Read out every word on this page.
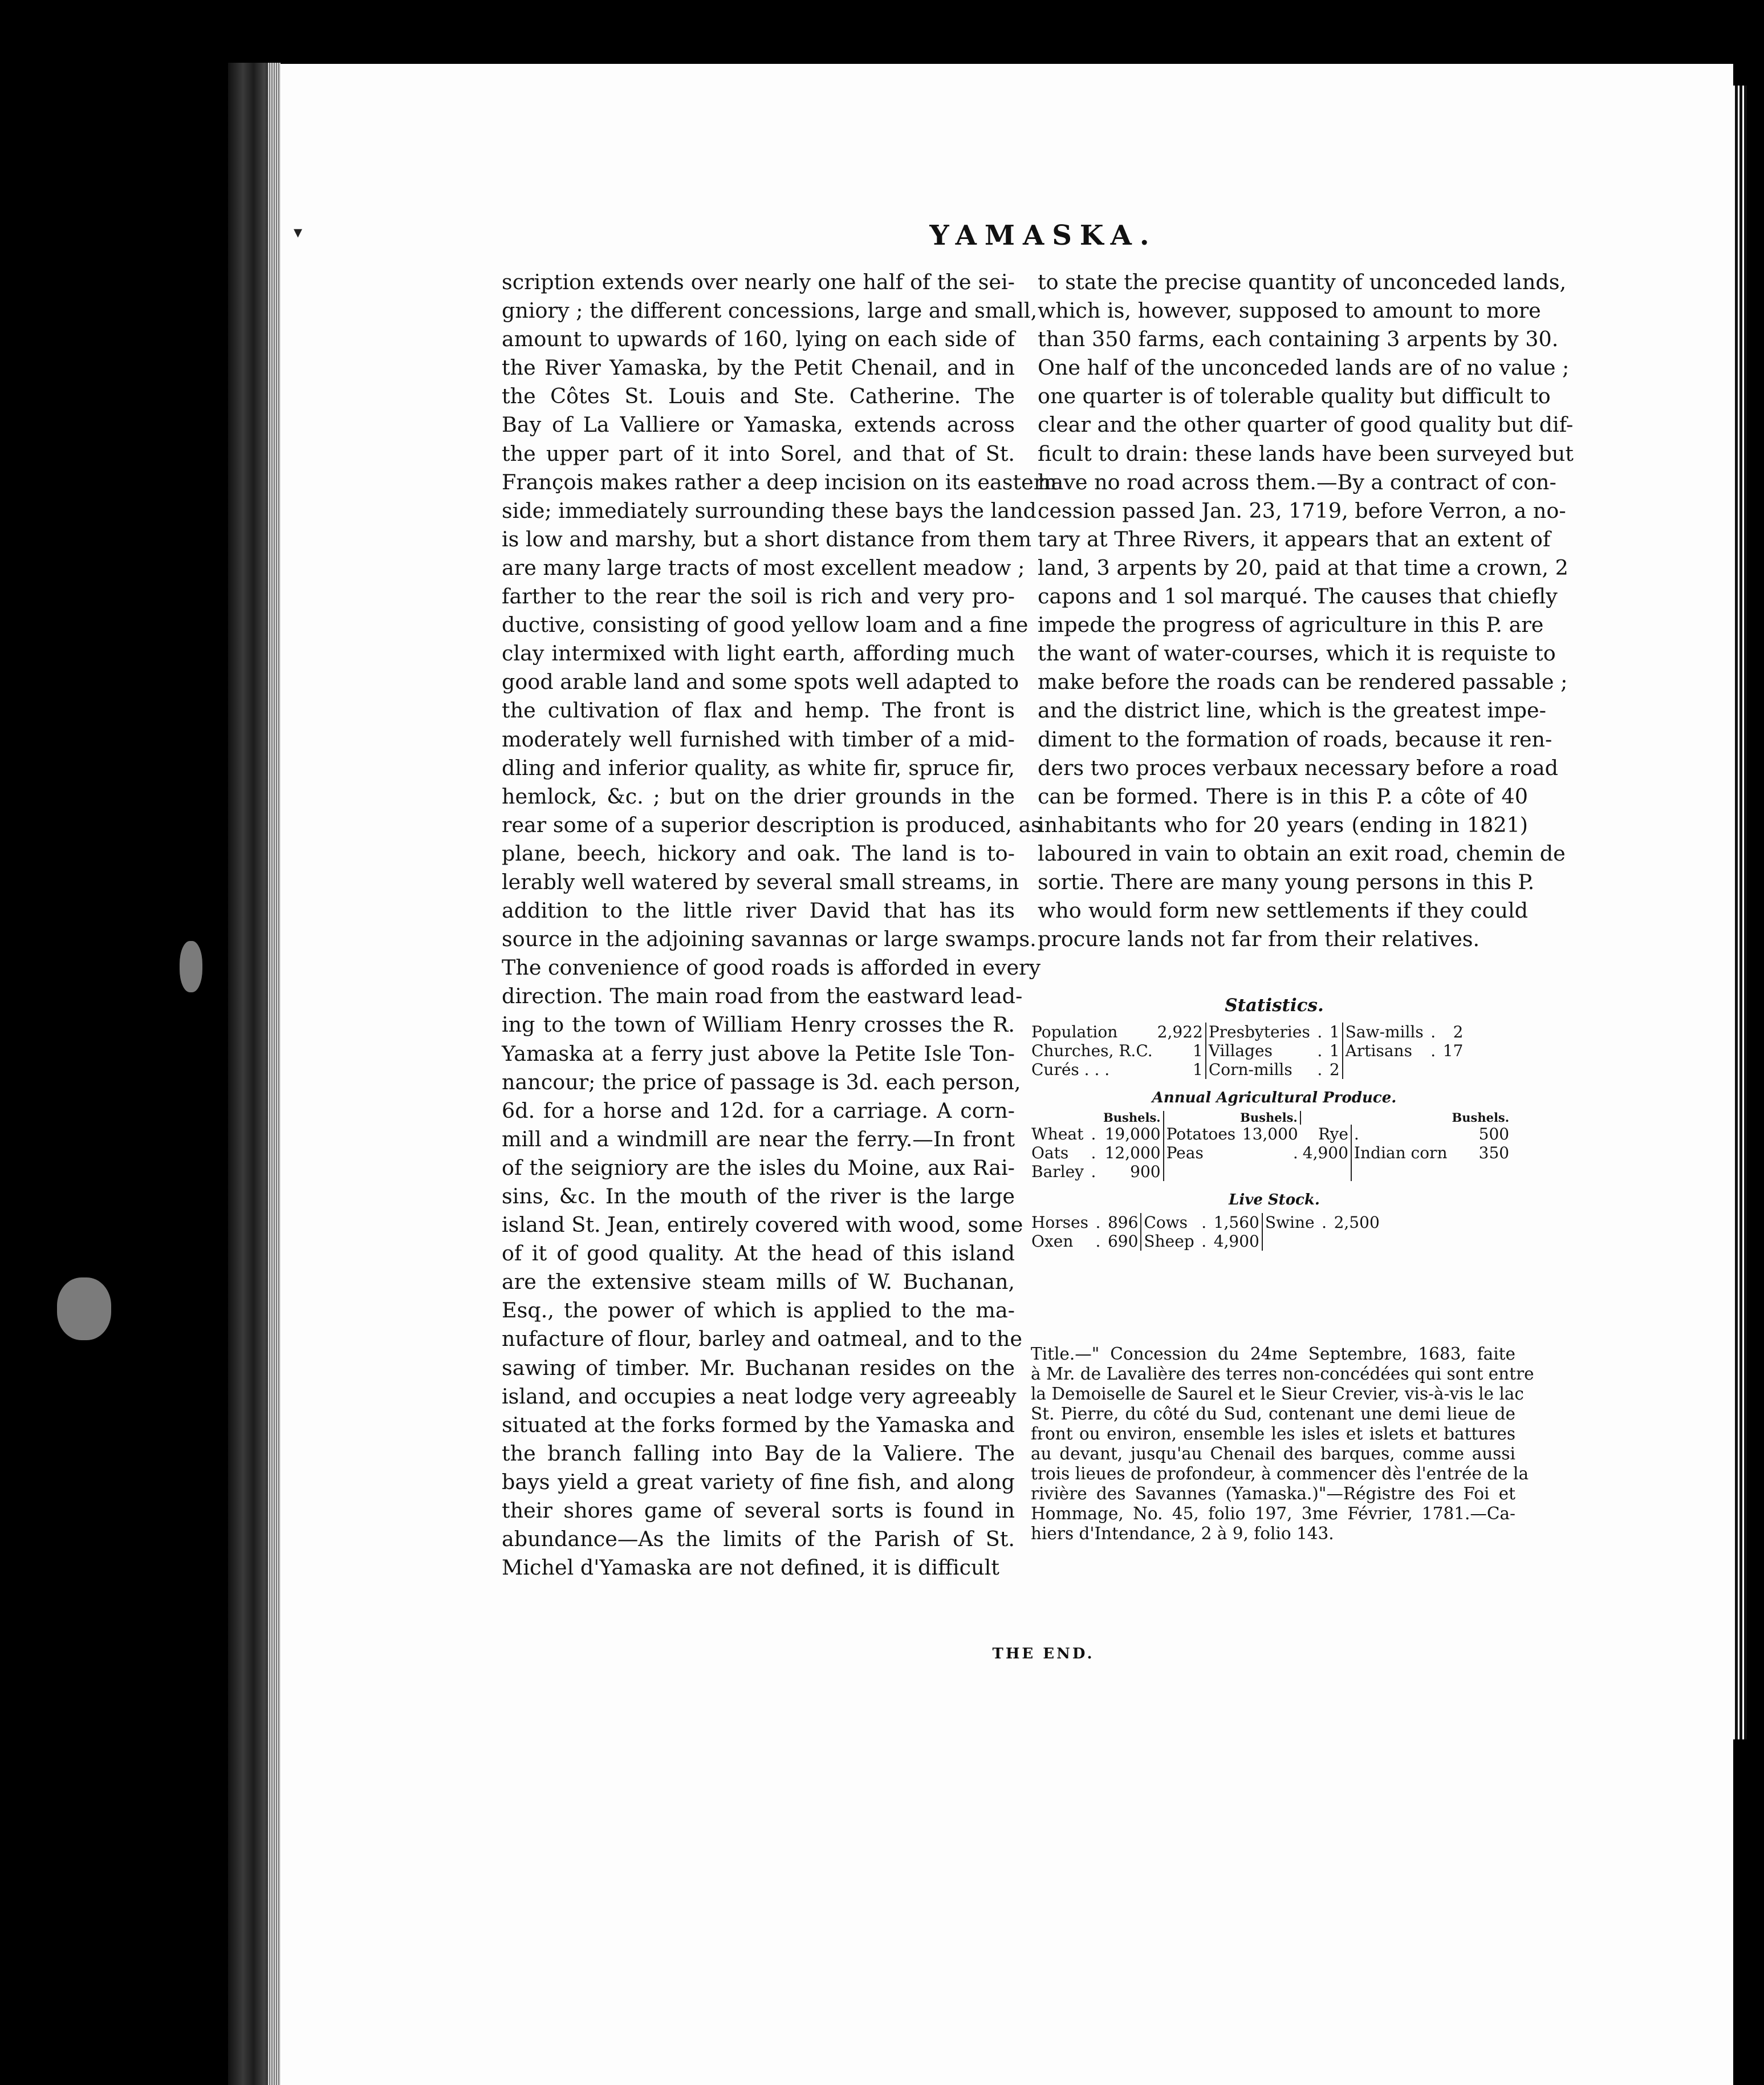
▾	YAMASKA.
scription extends over nearly one half of the sei-
gniory ; the different concessions, large and small,
amount to upwards of 160, lying on each side of
the River Yamaska, by the Petit Chenail, and in
the Côtes St. Louis and Ste. Catherine. The
Bay of La Valliere or Yamaska, extends across
the upper part of it into Sorel, and that of St.
François makes rather a deep incision on its eastern
side; immediately surrounding these bays the land
is low and marshy, but a short distance from them
are many large tracts of most excellent meadow ;
farther to the rear the soil is rich and very pro-
ductive, consisting of good yellow loam and a fine
clay intermixed with light earth, affording much
good arable land and some spots well adapted to
the cultivation of flax and hemp. The front is
moderately well furnished with timber of a mid-
dling and inferior quality, as white fir, spruce fir,
hemlock, &c. ; but on the drier grounds in the
rear some of a superior description is produced, as
plane, beech, hickory and oak. The land is to-
lerably well watered by several small streams, in
addition to the little river David that has its
source in the adjoining savannas or large swamps.
The convenience of good roads is afforded in every
direction. The main road from the eastward lead-
ing to the town of William Henry crosses the R.
Yamaska at a ferry just above la Petite Isle Ton-
nancour; the price of passage is 3d. each person,
6d. for a horse and 12d. for a carriage. A corn-
mill and a windmill are near the ferry.—In front
of the seigniory are the isles du Moine, aux Rai-
sins, &c. In the mouth of the river is the large
island St. Jean, entirely covered with wood, some
of it of good quality. At the head of this island
are the extensive steam mills of W. Buchanan,
Esq., the power of which is applied to the ma-
nufacture of flour, barley and oatmeal, and to the
sawing of timber. Mr. Buchanan resides on the
island, and occupies a neat lodge very agreeably
situated at the forks formed by the Yamaska and
the branch falling into Bay de la Valiere. The
bays yield a great variety of fine fish, and along
their shores game of several sorts is found in
abundance—As the limits of the Parish of St.
Michel d'Yamaska are not defined, it is difficult
to state the precise quantity of unconceded lands,
which is, however, supposed to amount to more
than 350 farms, each containing 3 arpents by 30.
One half of the unconceded lands are of no value ;
one quarter is of tolerable quality but difficult to
clear and the other quarter of good quality but dif-
ficult to drain: these lands have been surveyed but
have no road across them.—By a contract of con-
cession passed Jan. 23, 1719, before Verron, a no-
tary at Three Rivers, it appears that an extent of
land, 3 arpents by 20, paid at that time a crown, 2
capons and 1 sol marqué. The causes that chiefly
impede the progress of agriculture in this P. are
the want of water-courses, which it is requiste to
make before the roads can be rendered passable ;
and the district line, which is the greatest impe-
diment to the formation of roads, because it ren-
ders two proces verbaux necessary before a road
can be formed. There is in this P. a côte of 40
inhabitants who for 20 years (ending in 1821)
laboured in vain to obtain an exit road, chemin de
sortie. There are many young persons in this P.
who would form new settlements if they could
procure lands not far from their relatives.
Statistics.
Population	2,922	Presbyteries	.	1	Saw-mills	.	2
Churches, R.C.	1	Villages	.	1	Artisans	.	17
Curés . . .	1	Corn-mills	.	2			
Annual Agricultural Produce.
		Bushels.		Bushels.			Bushels.
Wheat	.	19,000	Potatoes	13,000	Rye	.	500
Oats	.	12,000	Peas	.	4,900	Indian corn	350
Barley	.	900					
Live Stock.
Horses	.	896	Cows	.	1,560	Swine	.	2,500
Oxen	.	690	Sheep	.	4,900			
Title.—" Concession du 24me Septembre, 1683, faite
à Mr. de Lavalière des terres non-concédées qui sont entre
la Demoiselle de Saurel et le Sieur Crevier, vis-à-vis le lac
St. Pierre, du côté du Sud, contenant une demi lieue de
front ou environ, ensemble les isles et islets et battures
au devant, jusqu'au Chenail des barques, comme aussi
trois lieues de profondeur, à commencer dès l'entrée de la
rivière des Savannes (Yamaska.)"—Régistre des Foi et
Hommage, No. 45, folio 197, 3me Février, 1781.—Ca-
hiers d'Intendance, 2 à 9, folio 143.
THE END.
